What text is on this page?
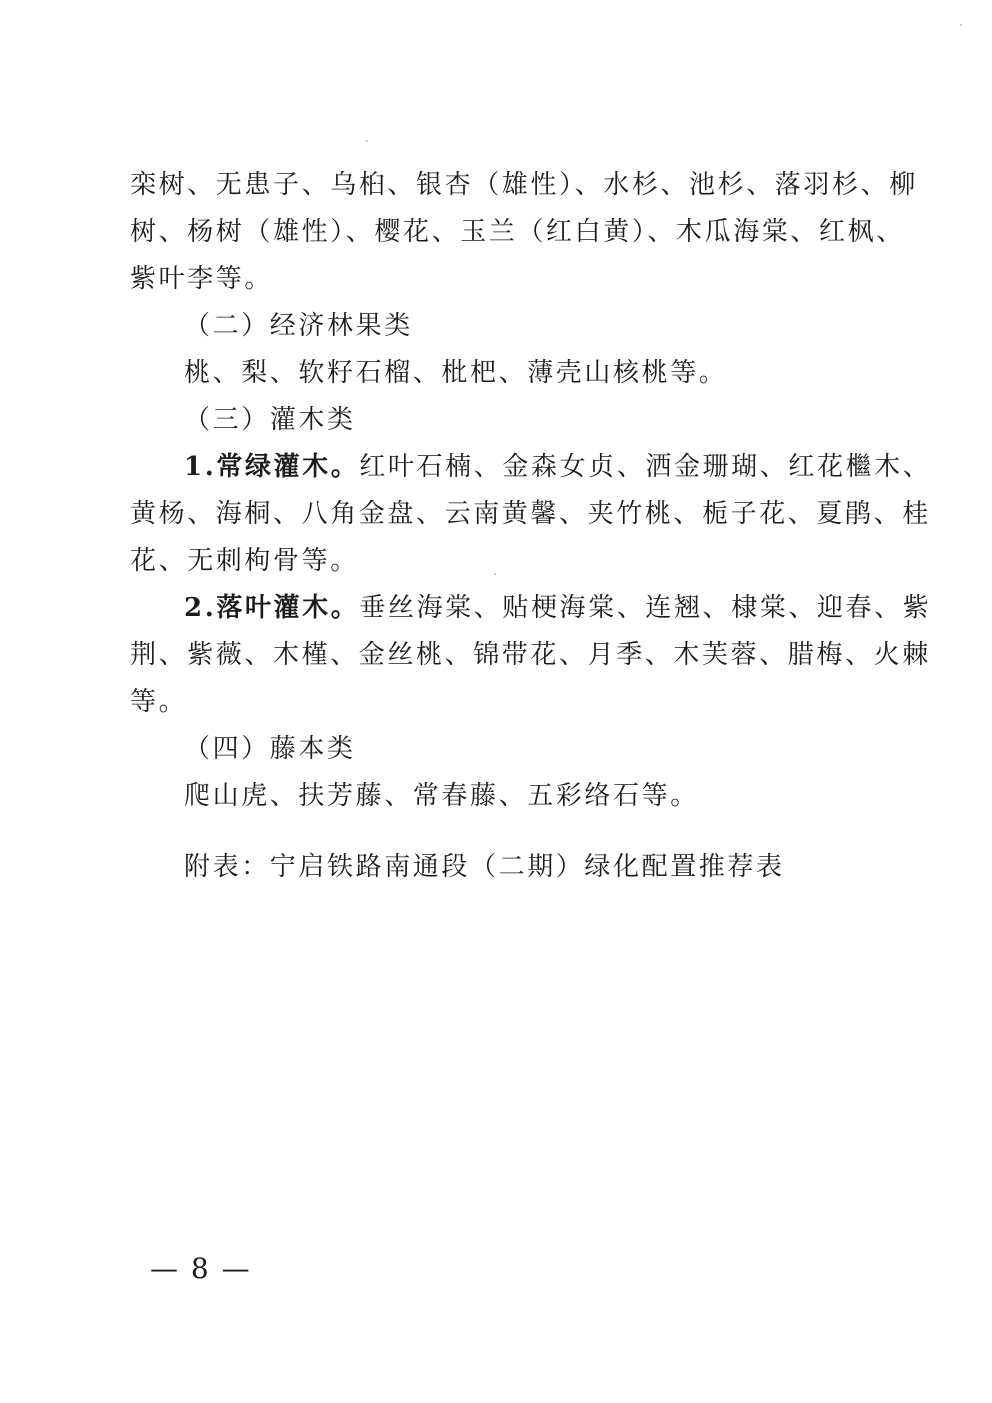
栾树、无患子、乌桕、银杏（雄性）、水杉、池杉、落羽杉、柳
树、杨树（雄性）、樱花、玉兰（红白黄）、木瓜海棠、红枫、
紫叶李等。
（二）经济林果类
桃、梨、软籽石榴、枇杷、薄壳山核桃等。
（三）灌木类
1.常绿灌木。红叶石楠、金森女贞、洒金珊瑚、红花檵木、
黄杨、海桐、八角金盘、云南黄馨、夹竹桃、栀子花、夏鹃、桂
花、无刺枸骨等。
2.落叶灌木。垂丝海棠、贴梗海棠、连翘、棣棠、迎春、紫
荆、紫薇、木槿、金丝桃、锦带花、月季、木芙蓉、腊梅、火棘
等。
（四）藤本类
爬山虎、扶芳藤、常春藤、五彩络石等。
附表：宁启铁路南通段（二期）绿化配置推荐表
— 8 —
